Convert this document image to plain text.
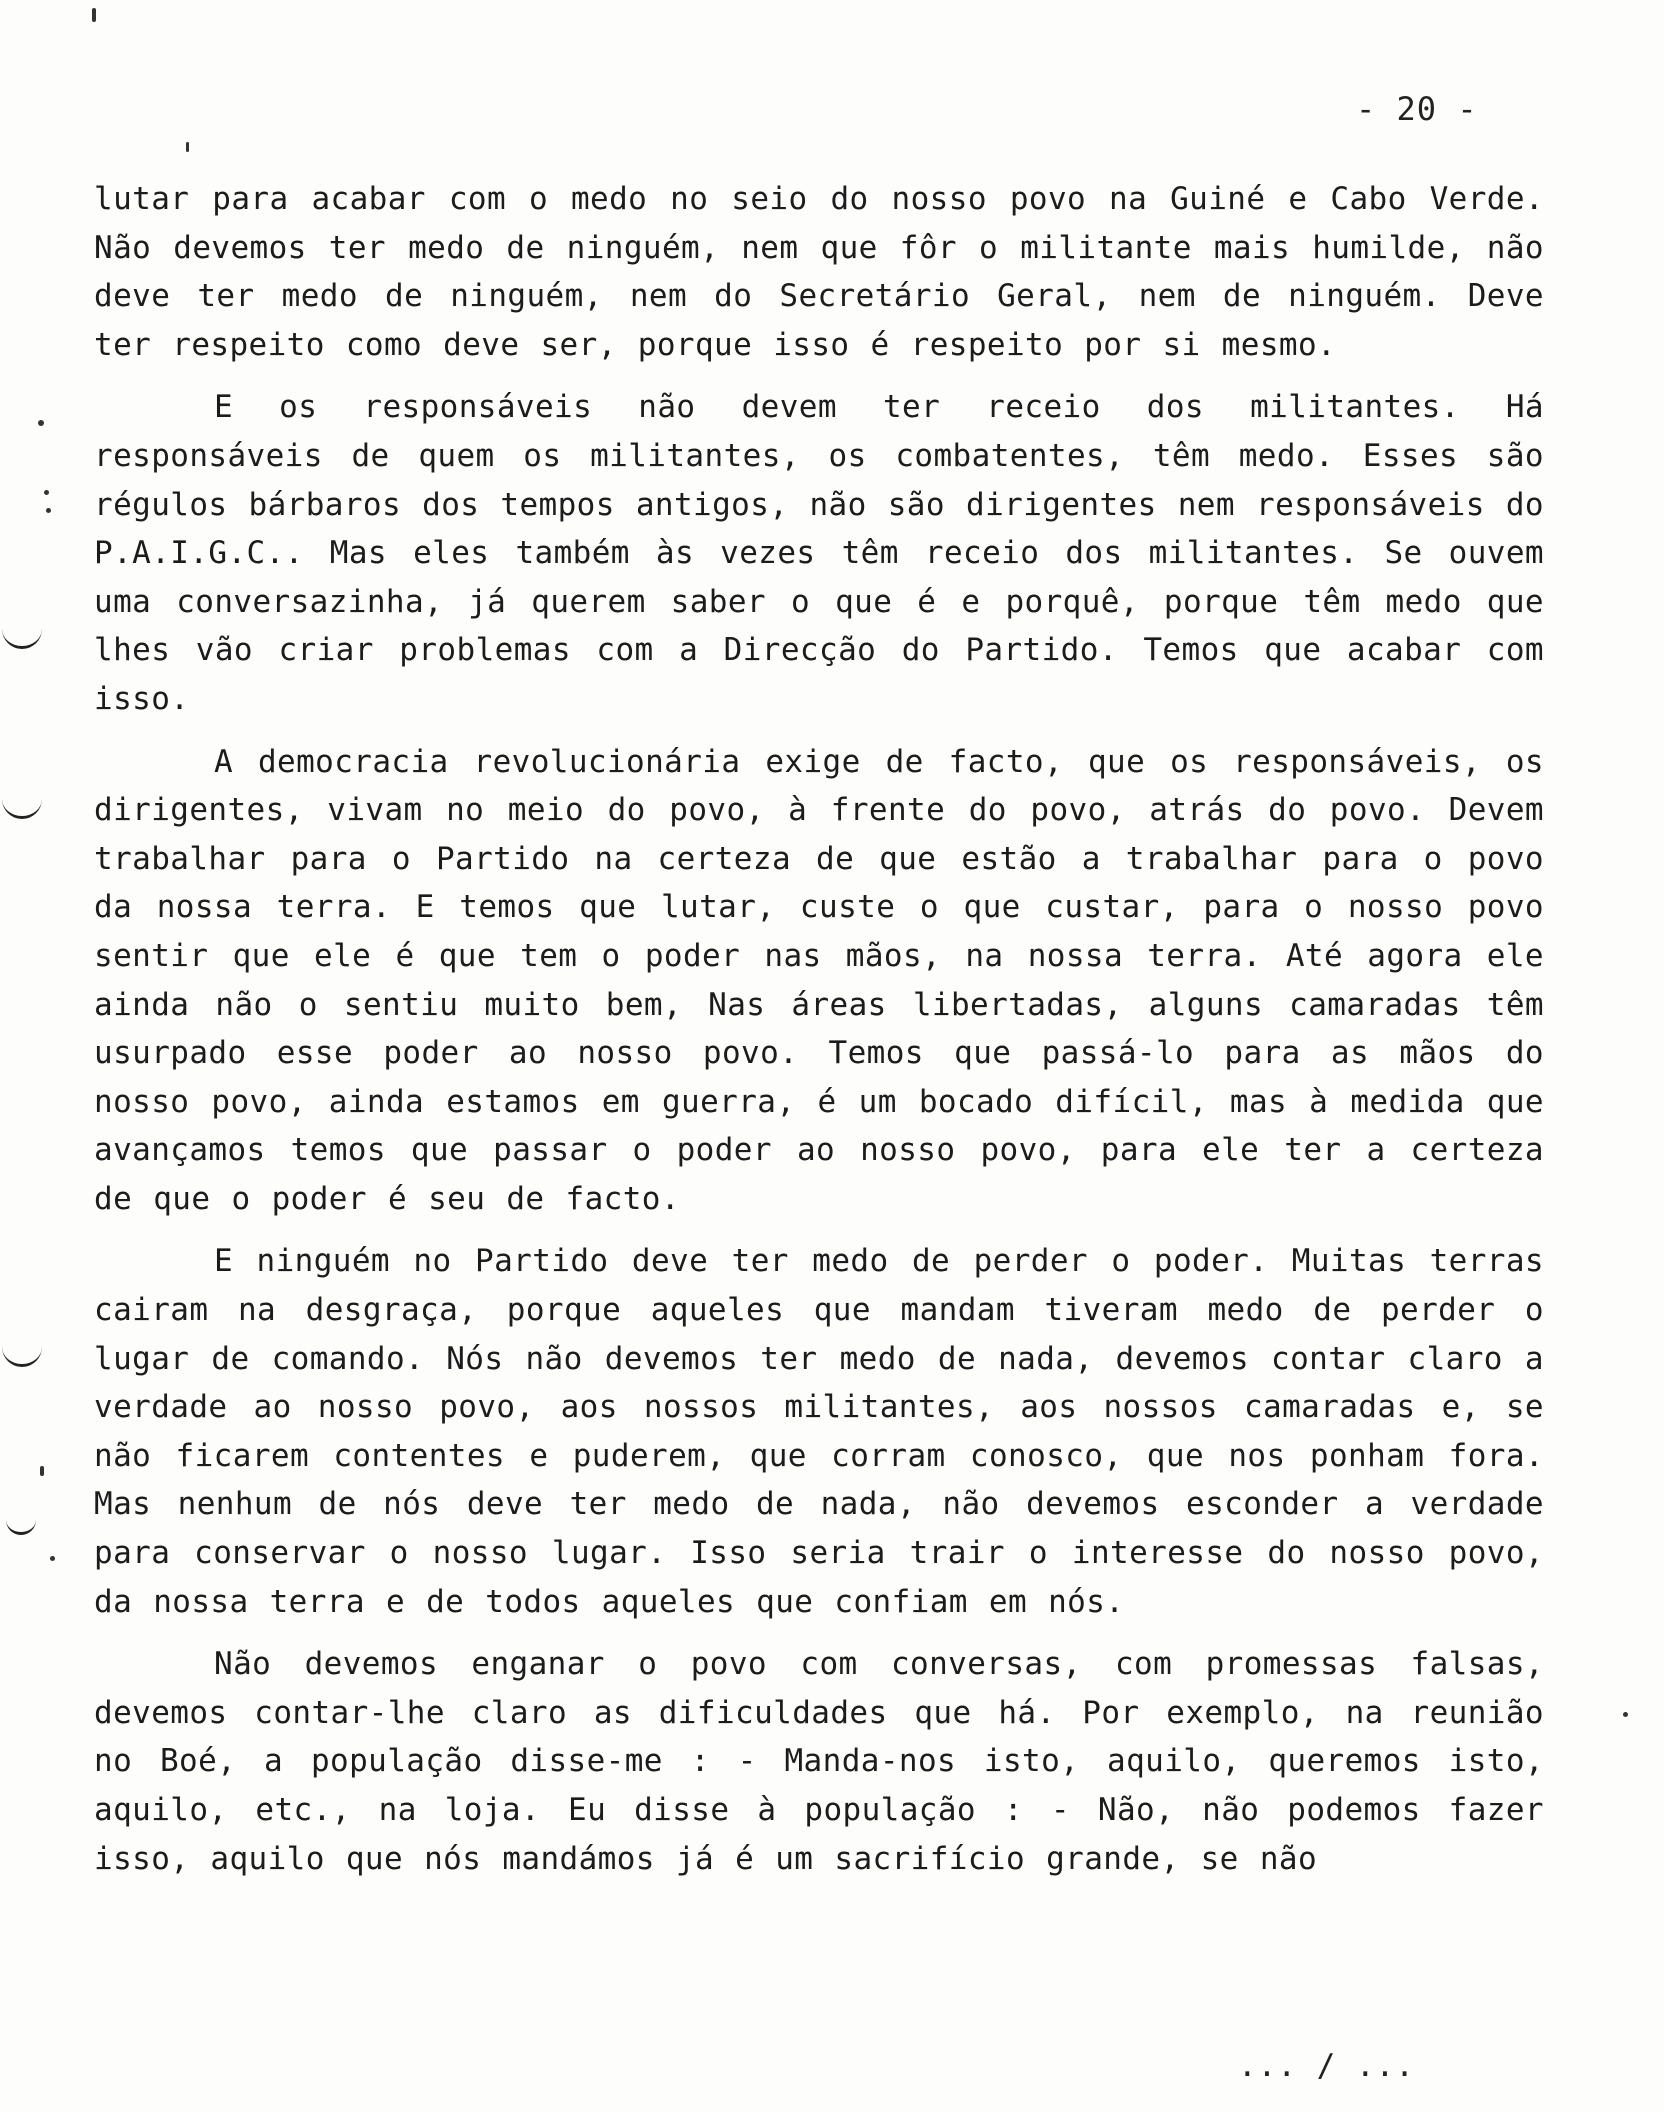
- 20 -

lutar para acabar com o medo no seio do nosso povo na Guiné e Cabo Verde. Não devemos ter medo de ninguém, nem que fôr o militante mais humilde, não deve ter medo de ninguém, nem do Secretário Geral, nem de ninguém. Deve ter respeito como deve ser, porque isso é respeito por si mesmo.

E os responsáveis não devem ter receio dos militantes. Há responsáveis de quem os militantes, os combatentes, têm medo. Esses são régulos bárbaros dos tempos antigos, não são dirigentes nem responsáveis do P.A.I.G.C.. Mas eles também às vezes têm receio dos militantes. Se ouvem uma conversazinha, já querem saber o que é e porquê, porque têm medo que lhes vão criar problemas com a Direcção do Partido. Temos que acabar com isso.

A democracia revolucionária exige de facto, que os responsáveis, os dirigentes, vivam no meio do povo, à frente do povo, atrás do povo. Devem trabalhar para o Partido na certeza de que estão a trabalhar para o povo da nossa terra. E temos que lutar, custe o que custar, para o nosso povo sentir que ele é que tem o poder nas mãos, na nossa terra. Até agora ele ainda não o sentiu muito bem, Nas áreas libertadas, alguns camaradas têm usurpado esse poder ao nosso povo. Temos que passá-lo para as mãos do nosso povo, ainda estamos em guerra, é um bocado difícil, mas à medida que avançamos temos que passar o poder ao nosso povo, para ele ter a certeza de que o poder é seu de facto.

E ninguém no Partido deve ter medo de perder o poder. Muitas terras cairam na desgraça, porque aqueles que mandam tiveram medo de perder o lugar de comando. Nós não devemos ter medo de nada, devemos contar claro a verdade ao nosso povo, aos nossos militantes, aos nossos camaradas e, se não ficarem contentes e puderem, que corram conosco, que nos ponham fora. Mas nenhum de nós deve ter medo de nada, não devemos esconder a verdade para conservar o nosso lugar. Isso seria trair o interesse do nosso povo, da nossa terra e de todos aqueles que confiam em nós.

Não devemos enganar o povo com conversas, com promessas falsas, devemos contar-lhe claro as dificuldades que há. Por exemplo, na reunião no Boé, a população disse-me : - Manda-nos isto, aquilo, queremos isto, aquilo, etc., na loja. Eu disse à população : - Não, não podemos fazer isso, aquilo que nós mandámos já é um sacrifício grande, se não

... / ...
